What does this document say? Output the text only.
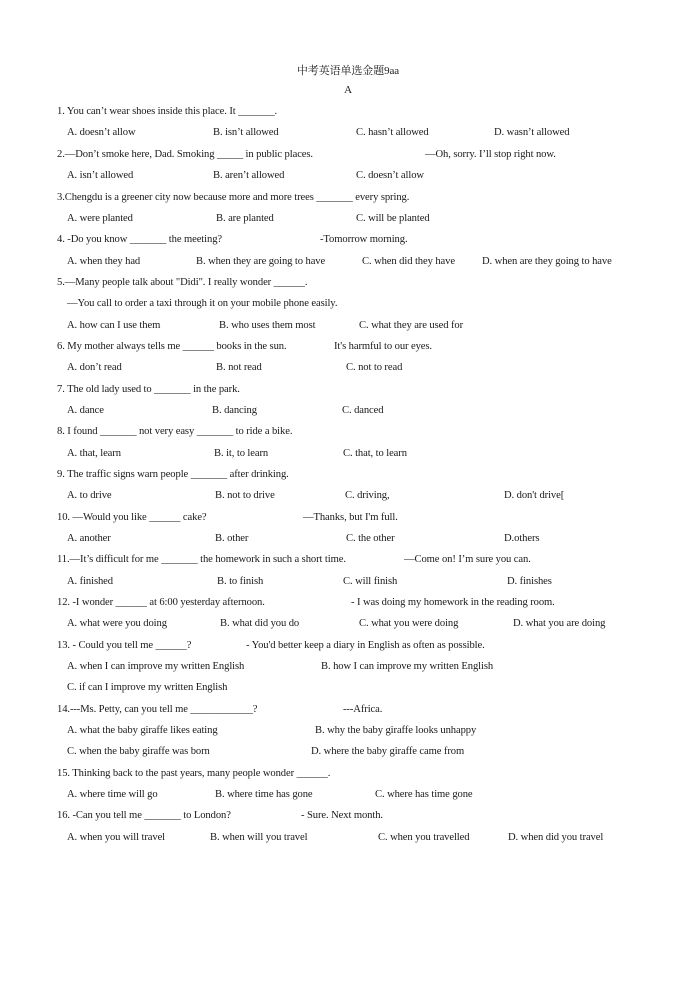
中考英语单选金题9aa
A
1. You can’t wear shoes inside this place. It _______.
A. doesn’t allow	B. isn’t allowed	C. hasn’t allowed	D. wasn’t allowed
2.—Don’t smoke here, Dad. Smoking _____ in public places.	—Oh, sorry. I’ll stop right now.
A. isn’t allowed	B. aren’t allowed	C. doesn’t allow
3.Chengdu is a greener city now because more and more trees _______ every spring.
A. were planted	B. are planted	C. will be planted
4. -Do you know _______ the meeting?	-Tomorrow morning.
A. when they had	B. when they are going to have	C. when did they have	D. when are they going to have
5.—Many people talk about "Didi". I really wonder ______.
—You call to order a taxi through it on your mobile phone easily.
A. how can I use them	B. who uses them most	C. what they are used for
6. My mother always tells me ______ books in the sun.	It's harmful to our eyes.
A. don’t read	B. not read	C. not to read
7. The old lady used to _______ in the park.
A. dance	B. dancing	C. danced
8. I found _______ not very easy _______ to ride a bike.
A. that, learn	B. it, to learn	C. that, to learn
9. The traffic signs warn people _______ after drinking.
A. to drive	B. not to drive	C. driving,	D. don't drive[
10. —Would you like ______ cake?	—Thanks, but I'm full.
A. another	B. other	C. the other	D.others
11.—It’s difficult for me _______ the homework in such a short time.	—Come on! I’m sure you can.
A. finished	B. to finish	C. will finish	D. finishes
12. -I wonder ______ at 6:00 yesterday afternoon.	- I was doing my homework in the reading room.
A. what were you doing	B. what did you do	C. what you were doing	D. what you are doing
13. - Could you tell me ______?	- You'd better keep a diary in English as often as possible.
A. when I can improve my written English	B. how I can improve my written English
C. if can I improve my written English
14.---Ms. Petty, can you tell me ____________?	---Africa.
A. what the baby giraffe likes eating	B. why the baby giraffe looks unhappy
C. when the baby giraffe was born	D. where the baby giraffe came from
15. Thinking back to the past years, many people wonder ______.
A. where time will go	B. where time has gone	C. where has time gone
16. -Can you tell me _______ to London?	- Sure. Next month.
A. when you will travel	B. when will you travel	C. when you travelled	D. when did you travel
